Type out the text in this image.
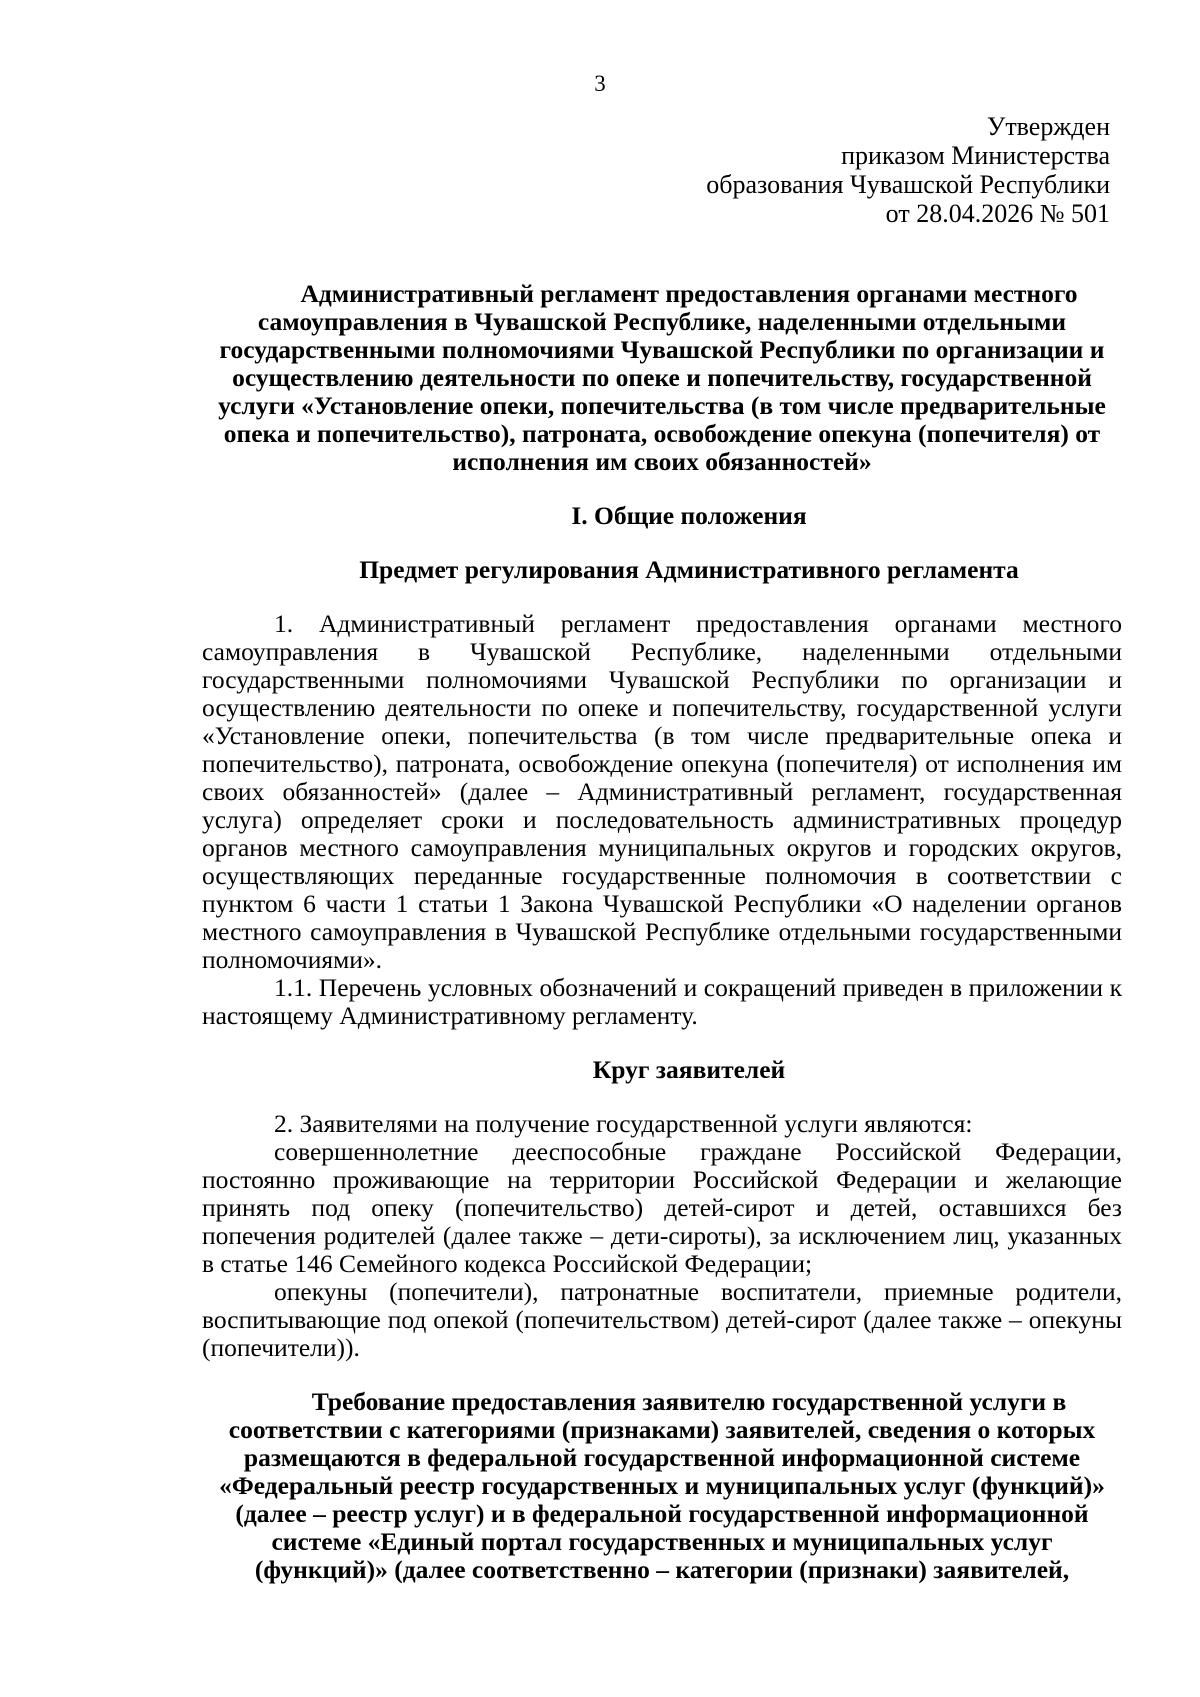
3
Утвержден
приказом Министерства
образования Чувашской Республики
от 28.04.2026 № 501
Административный регламент предоставления органами местного самоуправления в Чувашской Республике, наделенными отдельными государственными полномочиями Чувашской Республики по организации и осуществлению деятельности по опеке и попечительству, государственной услуги «Установление опеки, попечительства (в том числе предварительные опека и попечительство), патроната, освобождение опекуна (попечителя) от исполнения им своих обязанностей»
I. Общие положения
Предмет регулирования Административного регламента

1. Административный регламент предоставления органами местного самоуправления в Чувашской Республике, наделенными отдельными государственными полномочиями Чувашской Республики по организации и осуществлению деятельности по опеке и попечительству, государственной услуги «Установление опеки, попечительства (в том числе предварительные опека и попечительство), патроната, освобождение опекуна (попечителя) от исполнения им своих обязанностей» (далее – Административный регламент, государственная услуга) определяет сроки и последовательность административных процедур органов местного самоуправления муниципальных округов и городских округов, осуществляющих переданные государственные полномочия в соответствии с пунктом 6 части 1 статьи 1 Закона Чувашской Республики «О наделении органов местного самоуправления в Чувашской Республике отдельными государственными полномочиями».

1.1. Перечень условных обозначений и сокращений приведен в приложении к настоящему Административному регламенту.

Круг заявителей

2. Заявителями на получение государственной услуги являются:

совершеннолетние дееспособные граждане Российской Федерации, постоянно проживающие на территории Российской Федерации и желающие принять под опеку (попечительство) детей-сирот и детей, оставшихся без попечения родителей (далее также – дети-сироты), за исключением лиц, указанных в статье 146 Семейного кодекса Российской Федерации;

опекуны (попечители), патронатные воспитатели, приемные родители, воспитывающие под опекой (попечительством) детей-сирот (далее также – опекуны (попечители)).

Требование предоставления заявителю государственной услуги в соответствии с категориями (признаками) заявителей, сведения о которых размещаются в федеральной государственной информационной системе «Федеральный реестр государственных и муниципальных услуг (функций)» (далее – реестр услуг) и в федеральной государственной информационной системе «Единый портал государственных и муниципальных услуг (функций)» (далее соответственно – категории (признаки) заявителей,
